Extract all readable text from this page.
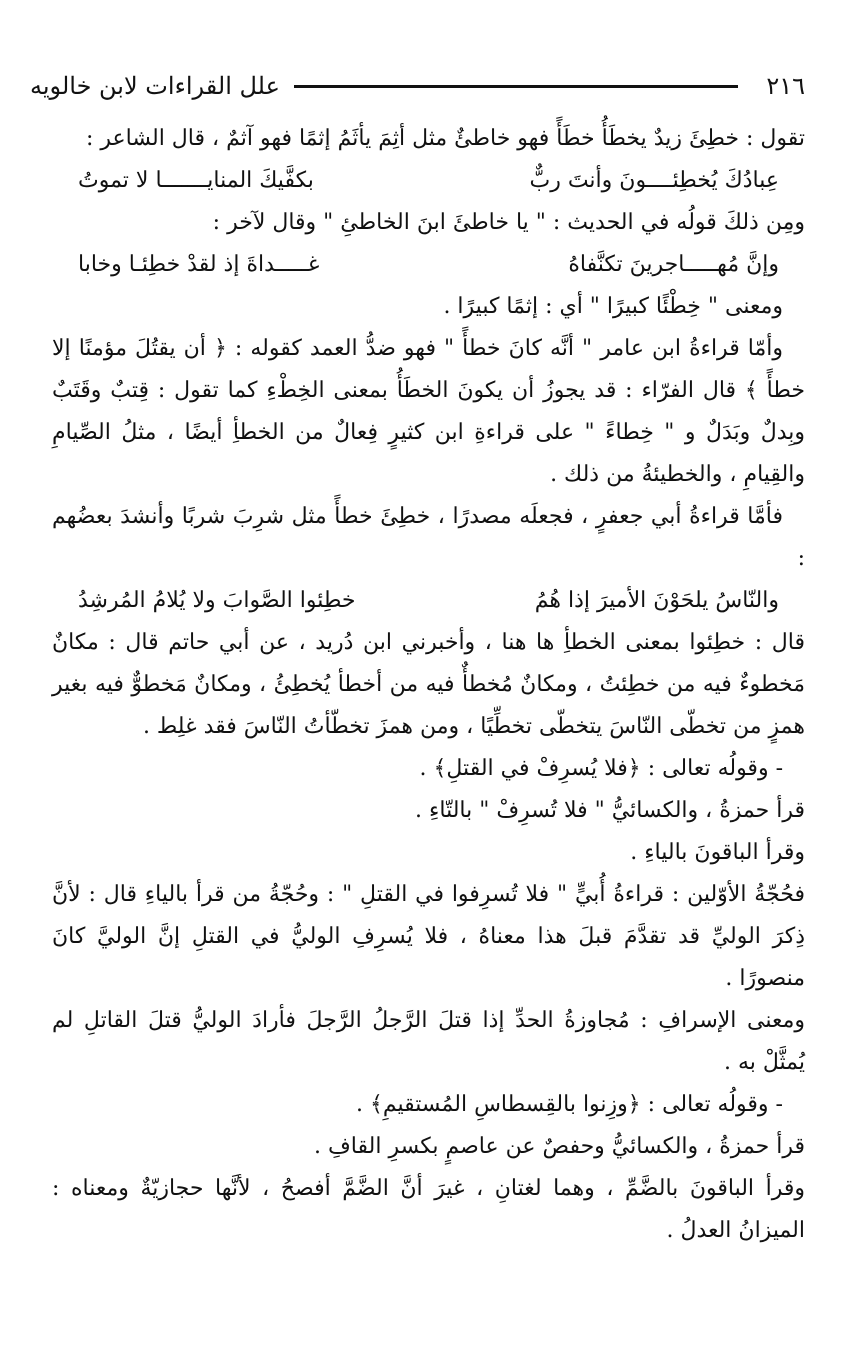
٢١٦
علل القراءات لابن خالويه

تقول : خطِئَ زيدٌ يخطَأُ خطَأً فهو خاطئٌ مثل أثِمَ يأثَمُ إثمًا فهو آثمٌ ، قال الشاعر :

عِبادُكَ يُخطِئــــونَ وأنتَ ربٌّ
بكفَّيكَ المنايـــــــا لا تموتُ

ومِن ذلكَ قولُه في الحديث : " يا خاطئَ ابنَ الخاطئِ " وقال لآخر :

وإنَّ مُهـــــاجرينَ تكنَّفاهُ
غـــــداةَ إذ لقدْ خطِئـا وخابا

ومعنى " خِطْئًا كبيرًا " أي : إثمًا كبيرًا .

وأمّا قراءةُ ابن عامر " أنَّه كانَ خطأً " فهو ضدُّ العمد كقوله : ﴿ أن يقتُلَ مؤمنًا إلا خطأً ﴾ قال الفرّاء : قد يجوزُ أن يكونَ الخطَأُ بمعنى الخِطْءِ كما تقول : قِتبٌ وقَتَبٌ وبِدلٌ وبَدَلٌ و " خِطاءً " على قراءةِ ابن كثيرٍ فِعالٌ من الخطأِ أيضًا ، مثلُ الصِّيامِ والقِيامِ ، والخطيئةُ من ذلك .

فأمَّا قراءةُ أبي جعفرٍ ، فجعلَه مصدرًا ، خطِئَ خطأً مثل شرِبَ شربًا وأنشدَ بعضُهم :

والنّاسُ يلحَوْنَ الأميرَ إذا هُمُ
خطِئوا الصَّوابَ ولا يُلامُ المُرشِدُ

قال : خطِئوا بمعنى الخطأِ ها هنا ، وأخبرني ابن دُريد ، عن أبي حاتم قال : مكانٌ مَخطوءٌ فيه من خطِئتُ ، ومكانٌ مُخطأٌ فيه من أخطأ يُخطِئُ ، ومكانٌ مَخطوٌّ فيه بغير همزٍ من تخطّى النّاسَ يتخطّى تخطِّيًا ، ومن همزَ تخطّأتُ النّاسَ فقد غلِط .

- وقولُه تعالى : ﴿فلا يُسرِفْ في القتلِ﴾ .

قرأ حمزةُ ، والكسائيُّ " فلا تُسرِفْ " بالتّاءِ .

وقرأ الباقونَ بالياءِ .

فحُجّةُ الأوّلين : قراءةُ أُبيٍّ " فلا تُسرِفوا في القتلِ " : وحُجّةُ من قرأ بالياءِ قال : لأنَّ ذِكرَ الوليِّ قد تقدَّمَ قبلَ هذا معناهُ ، فلا يُسرِفِ الوليُّ في القتلِ إنَّ الوليَّ كانَ منصورًا .

ومعنى الإسرافِ : مُجاوزةُ الحدِّ إذا قتلَ الرَّجلُ الرَّجلَ فأرادَ الوليُّ قتلَ القاتلِ لم يُمثَّلْ به .

- وقولُه تعالى : ﴿وزِنوا بالقِسطاسِ المُستقيمِ﴾ .

قرأ حمزةُ ، والكسائيُّ وحفصٌ عن عاصمٍ بكسرِ القافِ .

وقرأ الباقونَ بالضَّمِّ ، وهما لغتانِ ، غيرَ أنَّ الضَّمَّ أفصحُ ، لأنَّها حجازيّةٌ ومعناه : الميزانُ العدلُ .
